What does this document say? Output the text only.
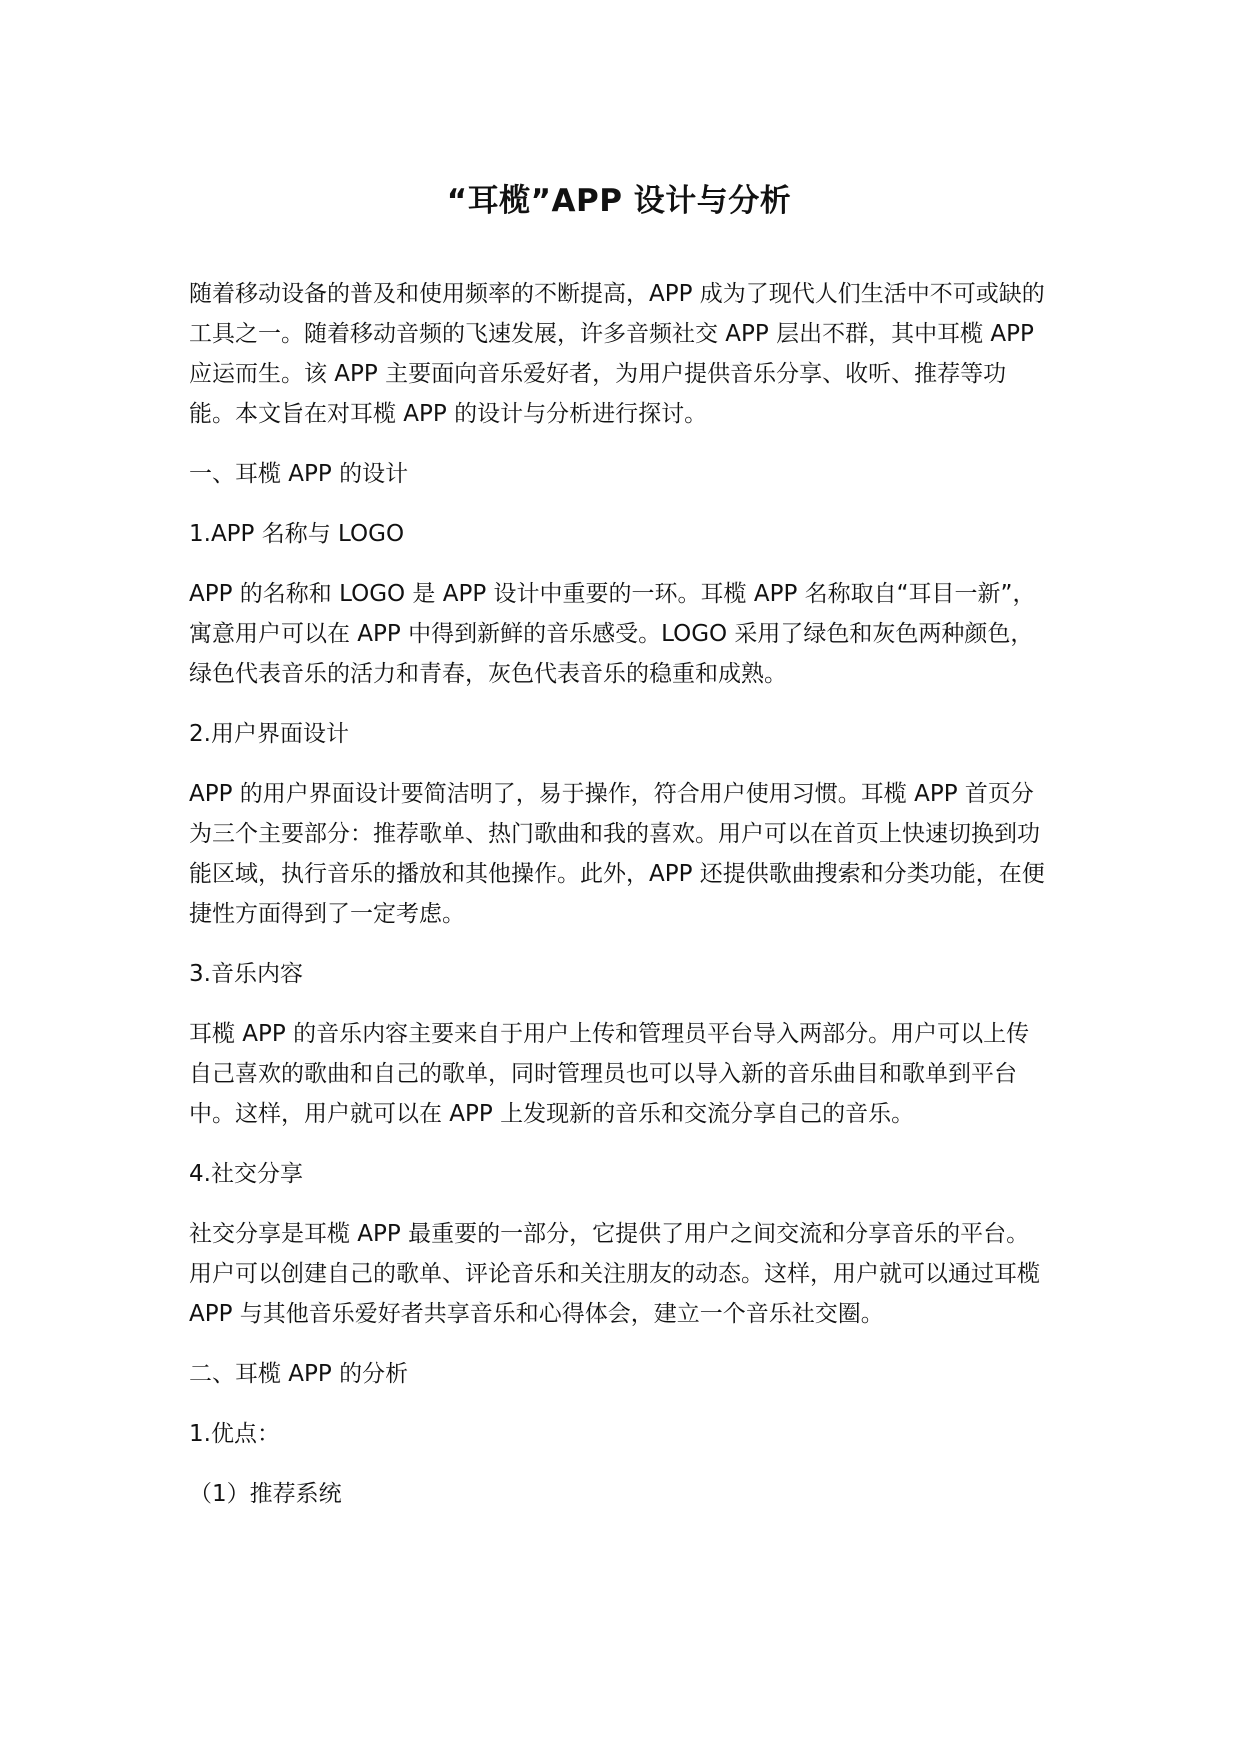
“耳榄”APP 设计与分析

随着移动设备的普及和使用频率的不断提高，APP 成为了现代人们生活中不可或缺的工具之一。随着移动音频的飞速发展，许多音频社交 APP 层出不群，其中耳榄 APP 应运而生。该 APP 主要面向音乐爱好者，为用户提供音乐分享、收听、推荐等功能。本文旨在对耳榄 APP 的设计与分析进行探讨。

一、耳榄 APP 的设计

1.APP 名称与 LOGO

APP 的名称和 LOGO 是 APP 设计中重要的一环。耳榄 APP 名称取自“耳目一新”，寓意用户可以在 APP 中得到新鲜的音乐感受。LOGO 采用了绿色和灰色两种颜色，绿色代表音乐的活力和青春，灰色代表音乐的稳重和成熟。

2.用户界面设计

APP 的用户界面设计要简洁明了，易于操作，符合用户使用习惯。耳榄 APP 首页分为三个主要部分：推荐歌单、热门歌曲和我的喜欢。用户可以在首页上快速切换到功能区域，执行音乐的播放和其他操作。此外，APP 还提供歌曲搜索和分类功能，在便捷性方面得到了一定考虑。

3.音乐内容

耳榄 APP 的音乐内容主要来自于用户上传和管理员平台导入两部分。用户可以上传自己喜欢的歌曲和自己的歌单，同时管理员也可以导入新的音乐曲目和歌单到平台中。这样，用户就可以在 APP 上发现新的音乐和交流分享自己的音乐。

4.社交分享

社交分享是耳榄 APP 最重要的一部分，它提供了用户之间交流和分享音乐的平台。用户可以创建自己的歌单、评论音乐和关注朋友的动态。这样，用户就可以通过耳榄 APP 与其他音乐爱好者共享音乐和心得体会，建立一个音乐社交圈。

二、耳榄 APP 的分析

1.优点：

（1）推荐系统
